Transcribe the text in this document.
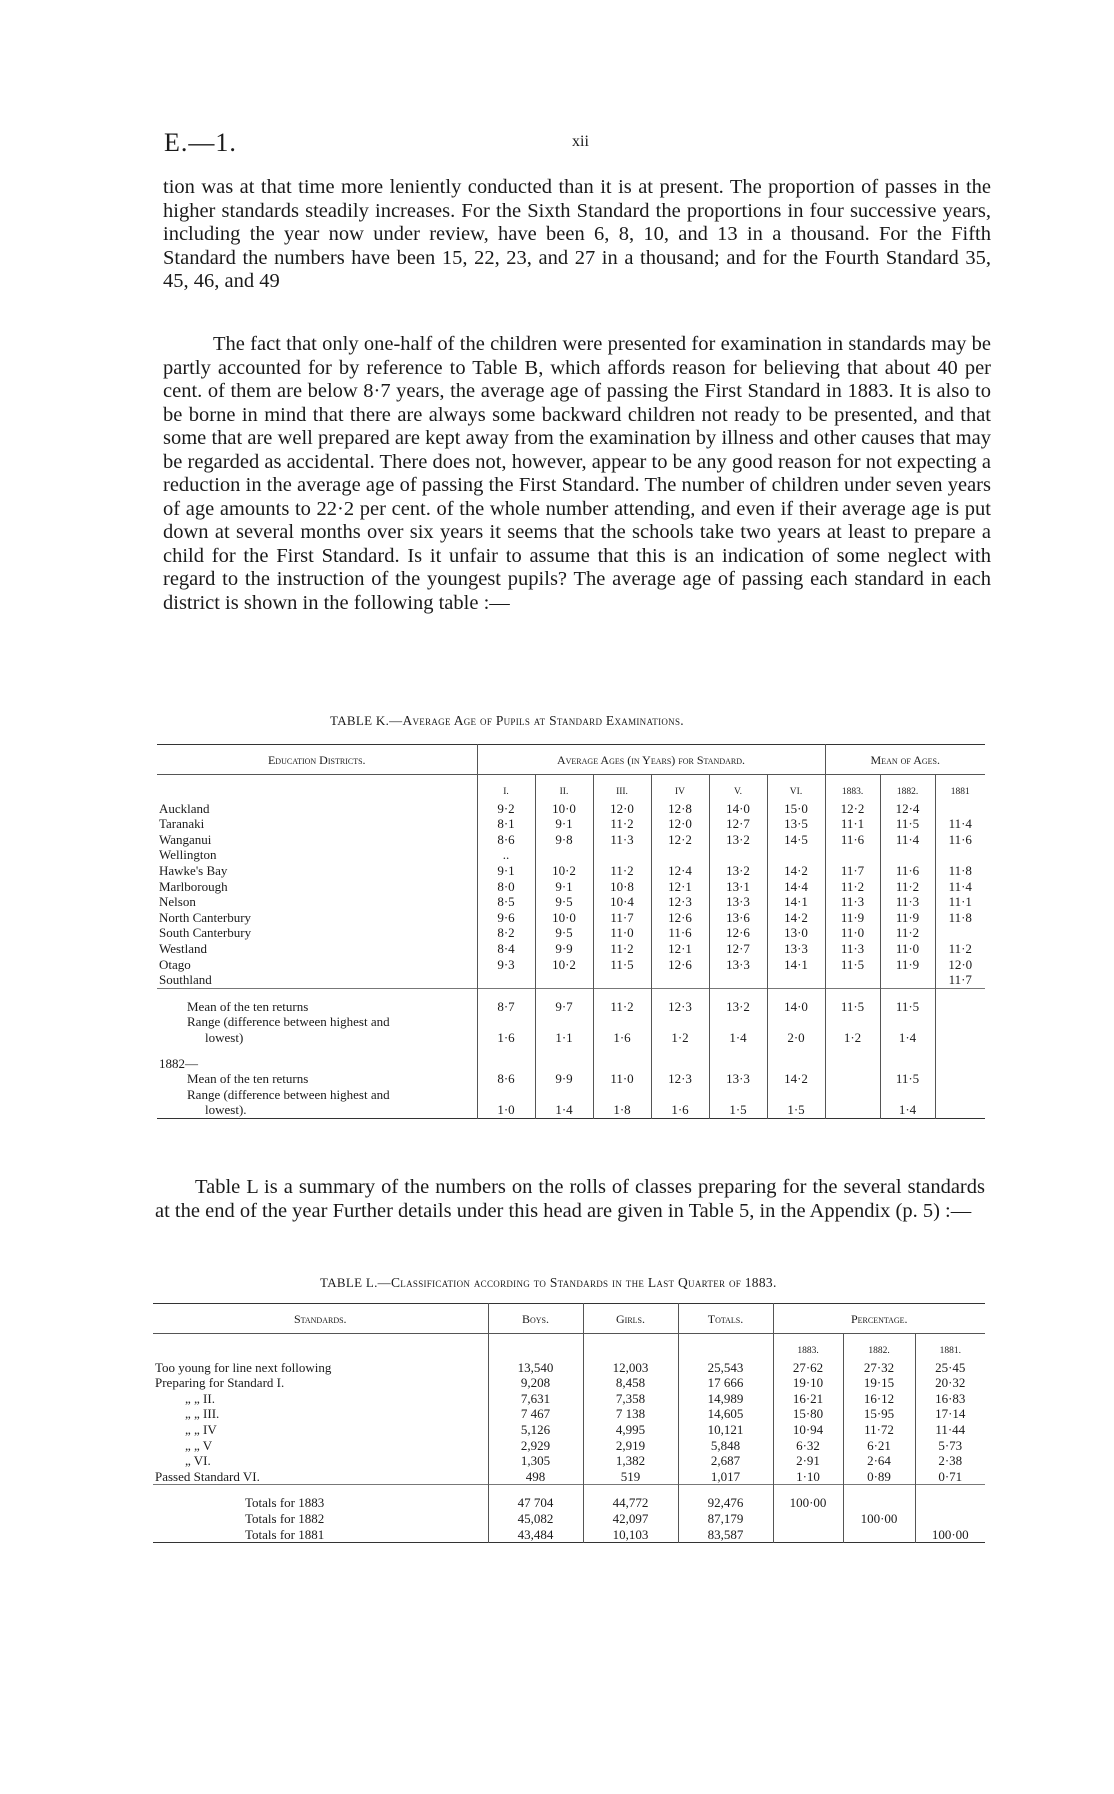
E.—1.	xii

tion was at that time more leniently conducted than it is at present. The proportion of passes in the higher standards steadily increases. For the Sixth Standard the proportions in four successive years, including the year now under review, have been 6, 8, 10, and 13 in a thousand. For the Fifth Standard the numbers have been 15, 22, 23, and 27 in a thousand; and for the Fourth Standard 35, 45, 46, and 49

The fact that only one-half of the children were presented for examination in standards may be partly accounted for by reference to Table B, which affords reason for believing that about 40 per cent. of them are below 8·7 years, the average age of passing the First Standard in 1883. It is also to be borne in mind that there are always some backward children not ready to be presented, and that some that are well prepared are kept away from the examination by illness and other causes that may be regarded as accidental. There does not, however, appear to be any good reason for not expecting a reduction in the average age of passing the First Standard. The number of children under seven years of age amounts to 22·2 per cent. of the whole number attending, and even if their average age is put down at several months over six years it seems that the schools take two years at least to prepare a child for the First Standard. Is it unfair to assume that this is an indication of some neglect with regard to the instruction of the youngest pupils? The average age of passing each standard in each district is shown in the following table :—

TABLE K.—Average Age of Pupils at Standard Examinations.
Education Districts.	Average Ages (in Years) for Standard.						Mean of Ages.		
	I.	II.	III.	IV	V.	VI.	1883.	1882.	1881
Auckland	9·2	10·0	12·0	12·8	14·0	15·0	12·2	12·4	
Taranaki	8·1	9·1	11·2	12·0	12·7	13·5	11·1	11·5	11·4
Wanganui	8·6	9·8	11·3	12·2	13·2	14·5	11·6	11·4	11·6
Wellington	..								
Hawke's Bay	9·1	10·2	11·2	12·4	13·2	14·2	11·7	11·6	11·8
Marlborough	8·0	9·1	10·8	12·1	13·1	14·4	11·2	11·2	11·4
Nelson	8·5	9·5	10·4	12·3	13·3	14·1	11·3	11·3	11·1
North Canterbury	9·6	10·0	11·7	12·6	13·6	14·2	11·9	11·9	11·8
South Canterbury	8·2	9·5	11·0	11·6	12·6	13·0	11·0	11·2	
Westland	8·4	9·9	11·2	12·1	12·7	13·3	11·3	11·0	11·2
Otago	9·3	10·2	11·5	12·6	13·3	14·1	11·5	11·9	12·0
Southland									11·7

Mean of the ten returns	8·7	9·7	11·2	12·3	13·2	14·0	11·5	11·5	
Range (difference between highest and									
lowest)	1·6	1·1	1·6	1·2	1·4	2·0	1·2	1·4	

1882—									
Mean of the ten returns	8·6	9·9	11·0	12·3	13·3	14·2		11·5	
Range (difference between highest and									
lowest).	1·0	1·4	1·8	1·6	1·5	1·5		1·4	

Table L is a summary of the numbers on the rolls of classes preparing for the several standards at the end of the year Further details under this head are given in Table 5, in the Appendix (p. 5) :—

TABLE L.—Classification according to Standards in the Last Quarter of 1883.
Standards.	Boys.	Girls.	Totals.	Percentage.		
				1883.	1882.	1881.
Too young for line next following	13,540	12,003	25,543	27·62	27·32	25·45
Preparing for Standard I.	9,208	8,458	17 666	19·10	19·15	20·32
„ „ II.	7,631	7,358	14,989	16·21	16·12	16·83
„ „ III.	7 467	7 138	14,605	15·80	15·95	17·14
„ „ IV	5,126	4,995	10,121	10·94	11·72	11·44
„ „ V	2,929	2,919	5,848	6·32	6·21	5·73
„ VI.	1,305	1,382	2,687	2·91	2·64	2·38
Passed Standard VI.	498	519	1,017	1·10	0·89	0·71

Totals for 1883	47 704	44,772	92,476	100·00		
Totals for 1882	45,082	42,097	87,179		100·00	
Totals for 1881	43,484	10,103	83,587			100·00
